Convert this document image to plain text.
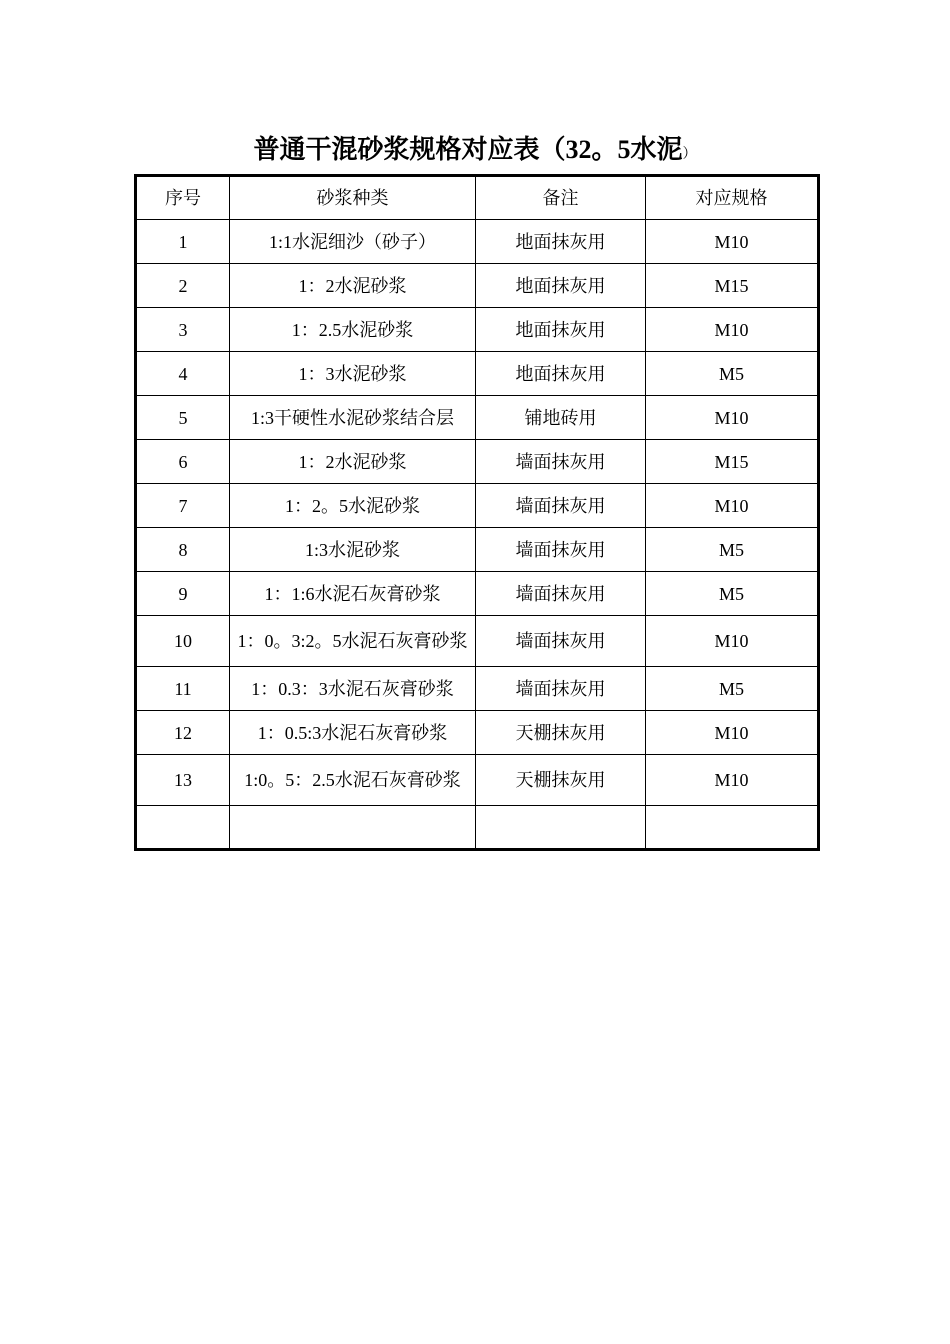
普通干混砂浆规格对应表（32。5水泥）
序号	砂浆种类	备注	对应规格
1	1:1水泥细沙（砂子）	地面抹灰用	M10
2	1：2水泥砂浆	地面抹灰用	M15
3	1：2.5水泥砂浆	地面抹灰用	M10
4	1：3水泥砂浆	地面抹灰用	M5
5	1:3干硬性水泥砂浆结合层	铺地砖用	M10
6	1：2水泥砂浆	墙面抹灰用	M15
7	1：2。5水泥砂浆	墙面抹灰用	M10
8	1:3水泥砂浆	墙面抹灰用	M5
9	1：1:6水泥石灰膏砂浆	墙面抹灰用	M5
10	1：0。3:2。5水泥石灰膏砂浆	墙面抹灰用	M10
11	1：0.3：3水泥石灰膏砂浆	墙面抹灰用	M5
12	1：0.5:3水泥石灰膏砂浆	天棚抹灰用	M10
13	1:0。5：2.5水泥石灰膏砂浆	天棚抹灰用	M10
